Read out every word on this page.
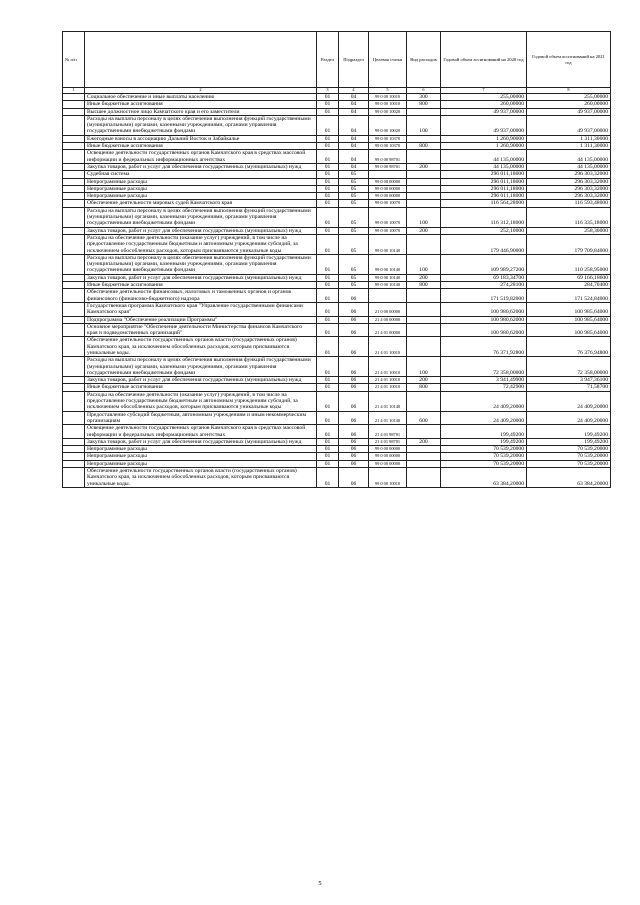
№ п/п		Раздел	Подраздел	Целевая статья	Вид расходов	Годовой объем ассигнований на 2020 год	Годовой объем ассигнований на 2021 год
1	2	3	4	5	6	7	8
	Социальное обеспечение и иные выплаты населению	01	04	99 0 00 10010	300	255,00000	255,00000
	Иные бюджетные ассигнования	01	04	99 0 00 10010	800	260,00000	260,00000
	Высшее должностное лицо Камчатского края и его заместители	01	04	99 0 00 10020		49 937,00000	49 937,00000
	Расходы на выплаты персоналу в целях обеспечения выполнения функций государственными (муниципальными) органами, казенными учреждениями, органами управления государственными внебюджетными фондами	01	04	99 0 00 10020	100	49 937,00000	49 937,00000
	Ежегодные взносы в ассоциацию Дальний Восток и Забайкалье	01	04	99 0 00 10370		1 260,90000	1 311,30000
	Иные бюджетные ассигнования	01	04	99 0 00 10370	800	1 260,90000	1 311,30000
	Освещение деятельности государственных органов Камчатского края в средствах массовой информации и федеральных информационных агентствах	01	04	99 0 00 98701		44 135,00000	44 135,00000
	Закупка товаров, работ и услуг для обеспечения государственных (муниципальных) нужд	01	04	99 0 00 98701	200	44 135,00000	44 135,00000
	Судебная система	01	05			296 011,18000	296 303,32000
	Непрограммные расходы	01	05	99 0 00 00000		296 011,18000	296 303,32000
	Непрограммные расходы	01	05	99 0 00 00000		296 011,18000	296 303,32000
	Непрограммные расходы	01	05	99 0 00 00000		296 011,18000	296 303,32000
	Обеспечение деятельности мировых судей Камчатского края	01	05	99 0 00 10070		116 564,28000	116 593,48000
	Расходы на выплаты персоналу в целях обеспечения выполнения функций государственными (муниципальными) органами, казенными учреждениями, органами управления государственными внебюджетными фондами	01	05	99 0 00 10070	100	116 312,18000	116 335,18000
	Закупка товаров, работ и услуг для обеспечения государственных (муниципальных) нужд	01	05	99 0 00 10070	200	252,10000	258,30000
	Расходы на обеспечение деятельности (оказание услуг) учреждений, в том числе на предоставление государственным бюджетным и автономным учреждениям субсидий, за исключением обособленных расходов, которым присваиваются уникальные коды	01	05	99 0 00 10140		179 446,90000	179 709,84000
	Расходы на выплаты персоналу в целях обеспечения выполнения функций государственными (муниципальными) органами, казенными учреждениями, органами управления государственными внебюджетными фондами	01	05	99 0 00 10140	100	109 989,27200	110 258,95000
	Закупка товаров, работ и услуг для обеспечения государственных (муниципальных) нужд	01	05	99 0 00 10140	200	69 183,34700	69 166,18600
	Иные бюджетные ассигнования	01	05	99 0 00 10140	800	274,28100	284,70400
	Обеспечение деятельности финансовых, налоговых и таможенных органов и органов финансового (финансово-бюджетного) надзора	01	06			171 519,82000	171 524,84000
	Государственная программа Камчатского края "Управление государственными финансами Камчатского края"	01	06	21 0 00 00000		100 980,62000	100 985,64000
	Подпрограмма "Обеспечение реализации Программы"	01	06	21 4 00 00000		100 980,62000	100 985,64000
	Основное мероприятие "Обеспечение деятельности Министерства финансов Камчатского края и подведомственных организаций"	01	06	21 4 01 00000		100 980,62000	100 985,64000
	Обеспечение деятельности государственных органов власти (государственных органов) Камчатского края, за исключением обособленных расходов, которым присваиваются уникальные коды.	01	06	21 4 01 10010		76 371,92800	76 376,94800
	Расходы на выплаты персоналу в целях обеспечения выполнения функций государственными (муниципальными) органами, казенными учреждениями, органами управления государственными внебюджетными фондами	01	06	21 4 01 10010	100	72 358,00000	72 358,00000
	Закупка товаров, работ и услуг для обеспечения государственных (муниципальных) нужд	01	06	21 4 01 10010	200	3 941,49900	3 947,36100
	Иные бюджетные ассигнования	01	06	21 4 01 10010	800	72,42900	71,58700
	Расходы на обеспечение деятельности (оказание услуг) учреждений, в том числе на предоставление государственным бюджетным и автономным учреждениям субсидий, за исключением обособленных расходов, которым присваиваются уникальные коды	01	06	21 4 01 10140		24 409,20000	24 409,20000
	Предоставление субсидий бюджетным, автономным учреждениям и иным некоммерческим организациям	01	06	21 4 01 10140	600	24 409,20000	24 409,20000
	Освещение деятельности государственных органов Камчатского края в средствах массовой информации и федеральных информационных агентствах	01	06	21 4 01 98701		199,49200	199,49200
	Закупка товаров, работ и услуг для обеспечения государственных (муниципальных) нужд	01	06	21 4 01 98701	200	199,49200	199,49200
	Непрограммные расходы	01	06	99 0 00 00000		70 539,20000	70 539,20000
	Непрограммные расходы	01	06	99 0 00 00000		70 539,20000	70 539,20000
	Непрограммные расходы	01	06	99 0 00 00000		70 539,20000	70 539,20000
	Обеспечение деятельности государственных органов власти (государственных органов) Камчатского края, за исключением обособленных расходов, которым присваиваются уникальные коды.	01	06	99 0 00 10010		63 384,20000	63 384,20000
5
